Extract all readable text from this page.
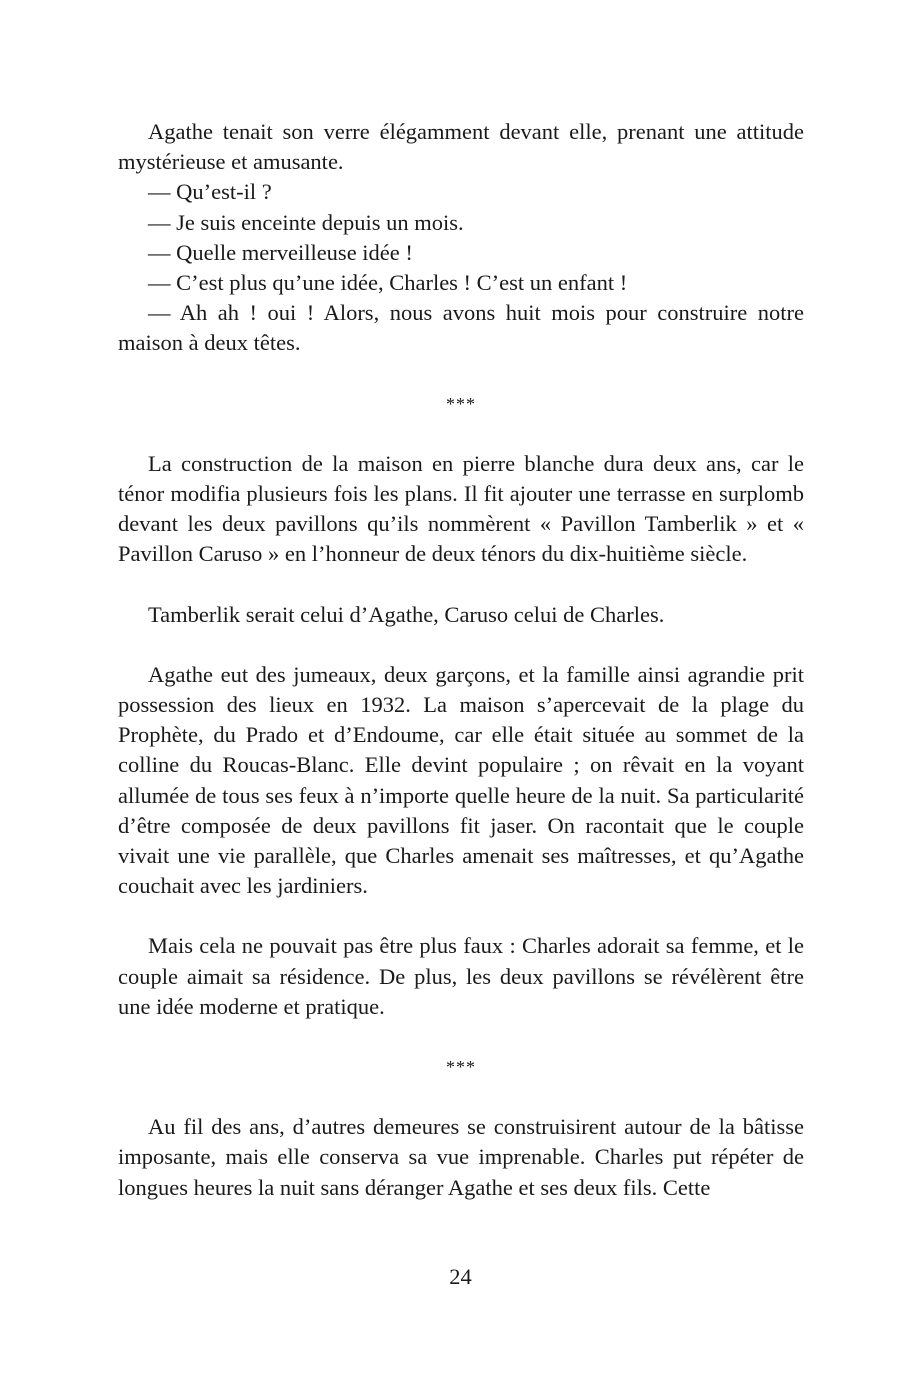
Agathe tenait son verre élégamment devant elle, prenant une attitude mystérieuse et amusante.

— Qu’est-il ?

— Je suis enceinte depuis un mois.

— Quelle merveilleuse idée !

— C’est plus qu’une idée, Charles ! C’est un enfant !

— Ah ah ! oui ! Alors, nous avons huit mois pour construire notre maison à deux têtes.

***

La construction de la maison en pierre blanche dura deux ans, car le ténor modifia plusieurs fois les plans. Il fit ajouter une terrasse en surplomb devant les deux pavillons qu’ils nommèrent « Pavillon Tamberlik » et « Pavillon Caruso » en l’honneur de deux ténors du dix-huitième siècle.

Tamberlik serait celui d’Agathe, Caruso celui de Charles.

Agathe eut des jumeaux, deux garçons, et la famille ainsi agrandie prit possession des lieux en 1932. La maison s’apercevait de la plage du Prophète, du Prado et d’Endoume, car elle était située au sommet de la colline du Roucas-Blanc. Elle devint populaire ; on rêvait en la voyant allumée de tous ses feux à n’importe quelle heure de la nuit. Sa particularité d’être composée de deux pavillons fit jaser. On racontait que le couple vivait une vie parallèle, que Charles amenait ses maîtresses, et qu’Agathe couchait avec les jardiniers.

Mais cela ne pouvait pas être plus faux : Charles adorait sa femme, et le couple aimait sa résidence. De plus, les deux pavillons se révélèrent être une idée moderne et pratique.

***

Au fil des ans, d’autres demeures se construisirent autour de la bâtisse imposante, mais elle conserva sa vue imprenable. Charles put répéter de longues heures la nuit sans déranger Agathe et ses deux fils. Cette

24
